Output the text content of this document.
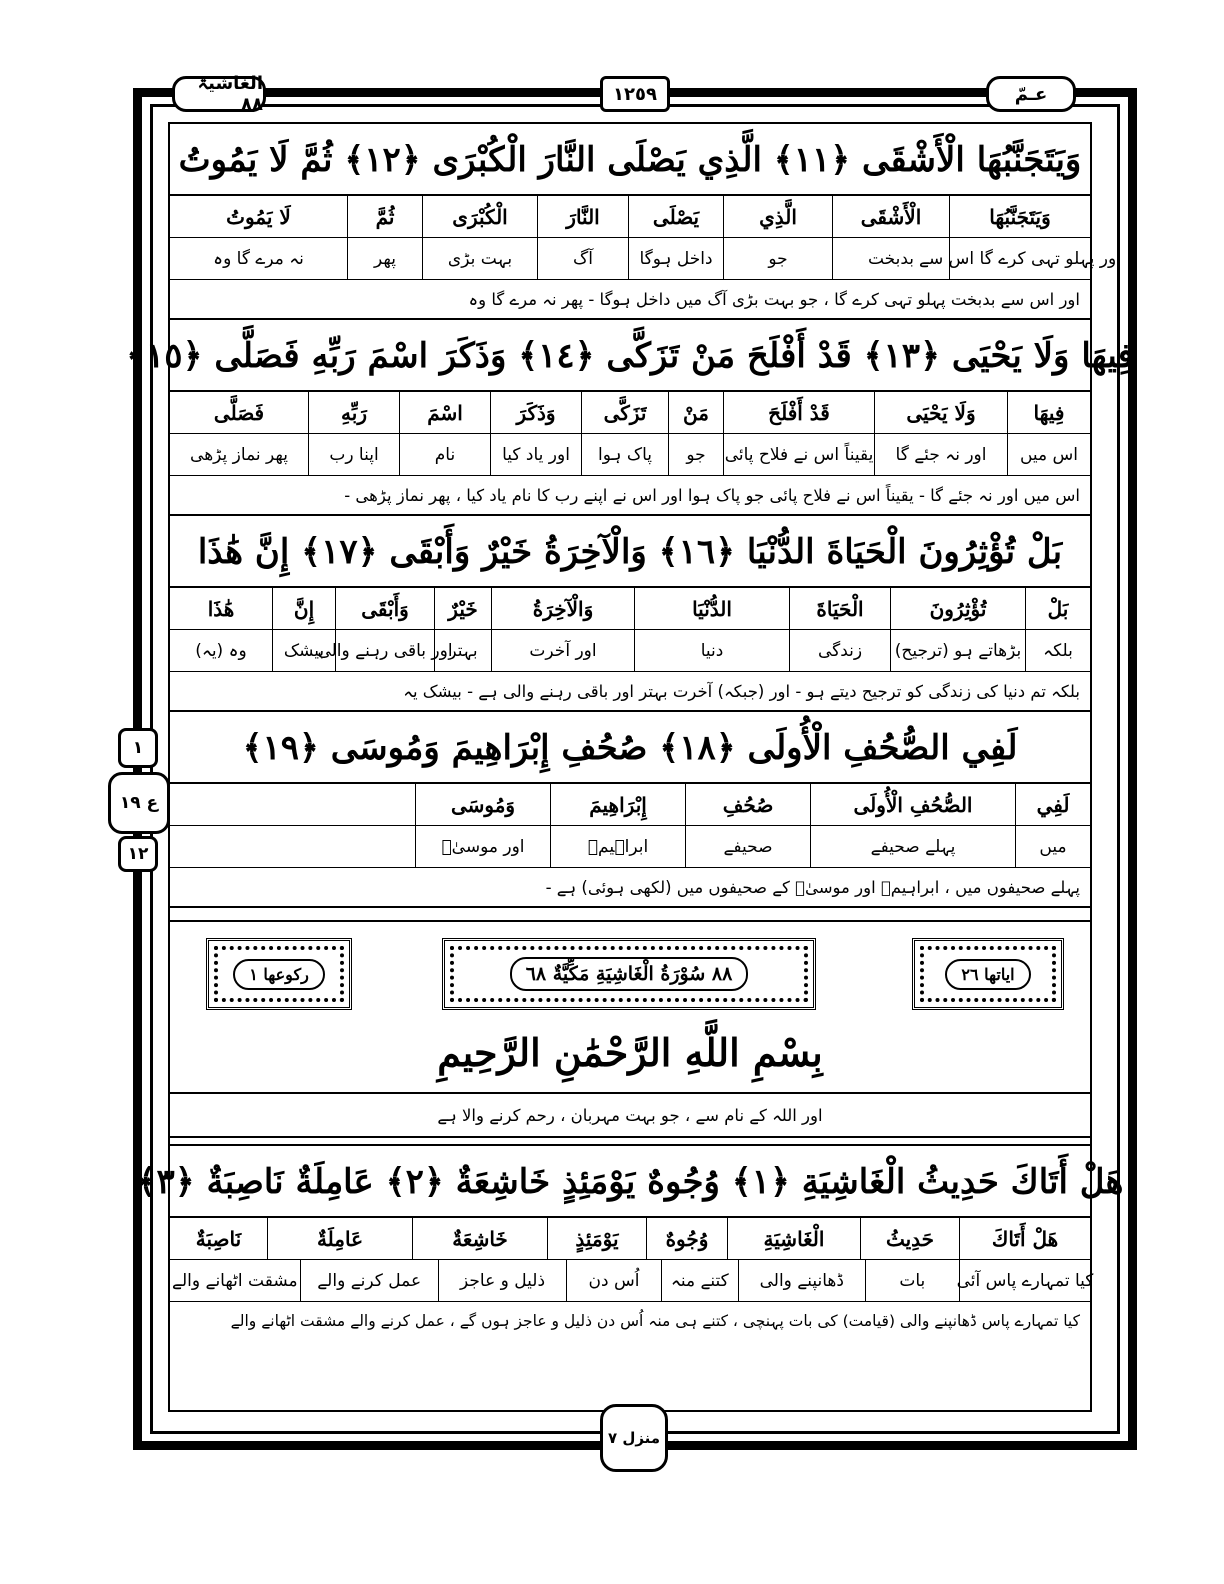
الغاشیۃ ٨٨	١٢٥٩	عـمّ
١
ع ١٩
١٢
وَيَتَجَنَّبُهَا الْأَشْقَى ﴿١١﴾ الَّذِي يَصْلَى النَّارَ الْكُبْرَى ﴿١٢﴾ ثُمَّ لَا يَمُوتُ
وَيَتَجَنَّبُهَا
الْأَشْقَى
الَّذِي
يَصْلَى
النَّارَ
الْكُبْرَى
ثُمَّ
لَا يَمُوتُ
اور پہلو تہی کرے گا اس سے
بدبخت
جو
داخل ہوگا
آگ
بہت بڑی
پھر
نہ مرے گا وہ
اور اس سے بدبخت پہلو تہی کرے گا ، جو بہت بڑی آگ میں داخل ہوگا - پھر نہ مرے گا وہ
فِيهَا وَلَا يَحْيَى ﴿١٣﴾ قَدْ أَفْلَحَ مَنْ تَزَكَّى ﴿١٤﴾ وَذَكَرَ اسْمَ رَبِّهِ فَصَلَّى ﴿١٥﴾
فِيهَا
وَلَا يَحْيَى
قَدْ أَفْلَحَ
مَنْ
تَزَكَّى
وَذَكَرَ
اسْمَ
رَبِّهِ
فَصَلَّى
اس میں
اور نہ جئے گا
یقیناً اس نے فلاح پائی
جو
پاک ہوا
اور یاد کیا
نام
اپنا رب
پھر نماز پڑھی
اس میں اور نہ جئے گا - یقیناً اس نے فلاح پائی جو پاک ہوا اور اس نے اپنے رب کا نام یاد کیا ، پھر نماز پڑھی -
بَلْ تُؤْثِرُونَ الْحَيَاةَ الدُّنْيَا ﴿١٦﴾ وَالْآخِرَةُ خَيْرٌ وَأَبْقَى ﴿١٧﴾ إِنَّ هَٰذَا
بَلْ
تُؤْثِرُونَ
الْحَيَاةَ
الدُّنْيَا
وَالْآخِرَةُ
خَيْرٌ
وَأَبْقَى
إِنَّ
هَٰذَا
بلکہ
بڑھاتے ہو (ترجیح)
زندگی
دنیا
اور آخرت
بہتر
اور باقی رہنے والی
بیشک
وہ (یہ)
بلکہ تم دنیا کی زندگی کو ترجیح دیتے ہو - اور (جبکہ) آخرت بہتر اور باقی رہنے والی ہے - بیشک یہ
لَفِي الصُّحُفِ الْأُولَى ﴿١٨﴾ صُحُفِ إِبْرَاهِيمَ وَمُوسَى ﴿١٩﴾
لَفِي
الصُّحُفِ الْأُولَى
صُحُفِ
إِبْرَاهِيمَ
وَمُوسَى
میں
پہلے صحیفے
صحیفے
ابراہیمؑ
اور موسیٰؑ
پہلے صحیفوں میں ، ابراہیمؑ اور موسیٰؑ کے صحیفوں میں (لکھی ہوئی) ہے -
ایاتھا ٢٦
٨٨ سُوْرَةُ الْغَاشِيَةِ مَكِّيَّةٌ ٦٨
رکوعھا ١
بِسْمِ اللَّهِ الرَّحْمَٰنِ الرَّحِيمِ
اور اللہ کے نام سے ، جو بہت مہربان ، رحم کرنے والا ہے
هَلْ أَتَاكَ حَدِيثُ الْغَاشِيَةِ ﴿١﴾ وُجُوهٌ يَوْمَئِذٍ خَاشِعَةٌ ﴿٢﴾ عَامِلَةٌ نَاصِبَةٌ ﴿٣﴾
هَلْ أَتَاكَ
حَدِيثُ
الْغَاشِيَةِ
وُجُوهٌ
يَوْمَئِذٍ
خَاشِعَةٌ
عَامِلَةٌ
نَاصِبَةٌ
کیا تمہارے پاس آئی
بات
ڈھانپنے والی
کتنے منہ
اُس دن
ذلیل و عاجز
عمل کرنے والے
مشقت اٹھانے والے
کیا تمہارے پاس ڈھانپنے والی (قیامت) کی بات پہنچی ، کتنے ہی منہ اُس دن ذلیل و عاجز ہوں گے ، عمل کرنے والے مشقت اٹھانے والے
منزل ٧
